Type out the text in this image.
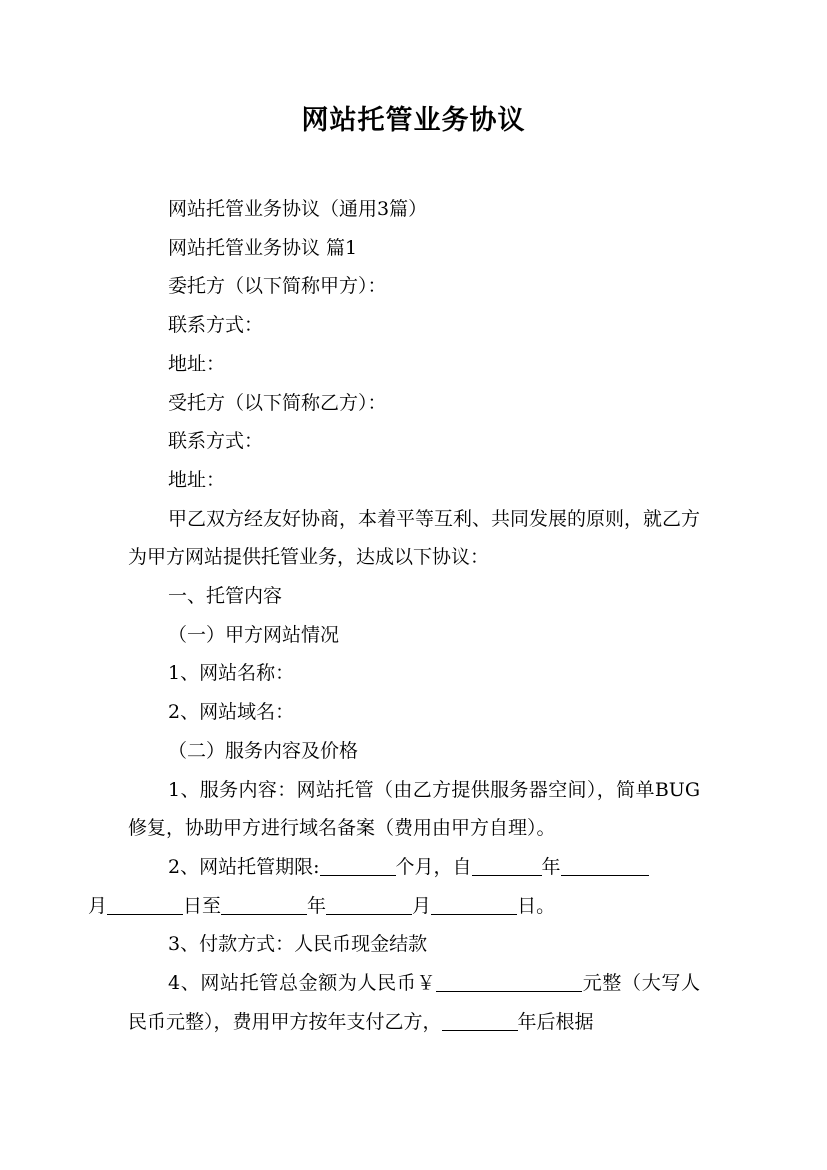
网站托管业务协议

网站托管业务协议（通用3篇）

网站托管业务协议 篇1

委托方（以下简称甲方）：

联系方式：

地址：

受托方（以下简称乙方）：

联系方式：

地址：

甲乙双方经友好协商，本着平等互利、共同发展的原则，就乙方为甲方网站提供托管业务，达成以下协议：

一、托管内容

（一）甲方网站情况

1、网站名称：

2、网站域名：

（二）服务内容及价格

1、服务内容：网站托管（由乙方提供服务器空间），简单BUG修复，协助甲方进行域名备案（费用由甲方自理）。

2、网站托管期限:	个月，自	年
月	日至	年	月	日。

3、付款方式：人民币现金结款

4、网站托管总金额为人民币￥	元整（大写人民币元整），费用甲方按年支付乙方，	年后根据
